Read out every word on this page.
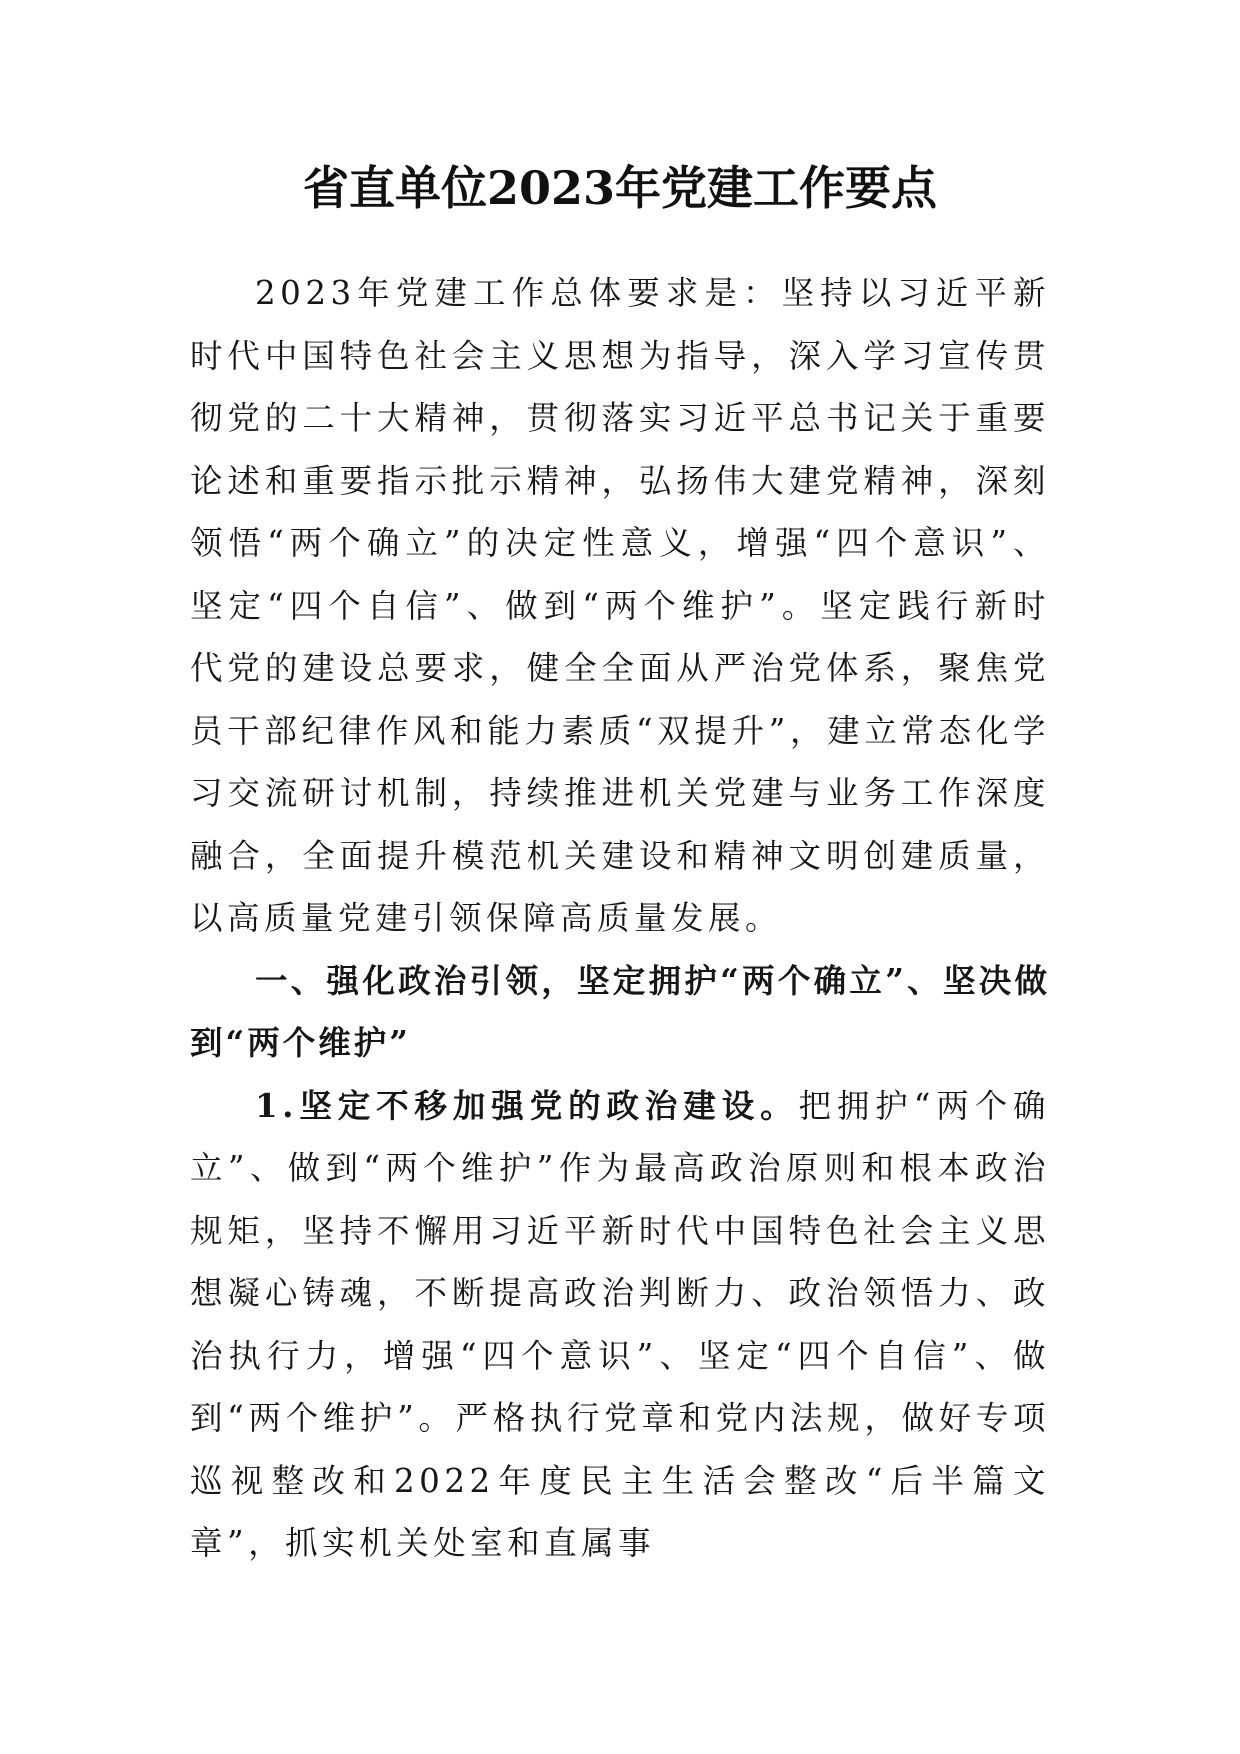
省直单位2023年党建工作要点

2023年党建工作总体要求是：坚持以习近平新时代中国特色社会主义思想为指导，深入学习宣传贯彻党的二十大精神，贯彻落实习近平总书记关于重要论述和重要指示批示精神，弘扬伟大建党精神，深刻领悟“两个确立”的决定性意义，增强“四个意识”、坚定“四个自信”、做到“两个维护”。坚定践行新时代党的建设总要求，健全全面从严治党体系，聚焦党员干部纪律作风和能力素质“双提升”，建立常态化学习交流研讨机制，持续推进机关党建与业务工作深度融合，全面提升模范机关建设和精神文明创建质量，以高质量党建引领保障高质量发展。

一、强化政治引领，坚定拥护“两个确立”、坚决做到“两个维护”

1.坚定不移加强党的政治建设。把拥护“两个确立”、做到“两个维护”作为最高政治原则和根本政治规矩，坚持不懈用习近平新时代中国特色社会主义思想凝心铸魂，不断提高政治判断力、政治领悟力、政治执行力，增强“四个意识”、坚定“四个自信”、做到“两个维护”。严格执行党章和党内法规，做好专项巡视整改和2022年度民主生活会整改“后半篇文章”，抓实机关处室和直属事
